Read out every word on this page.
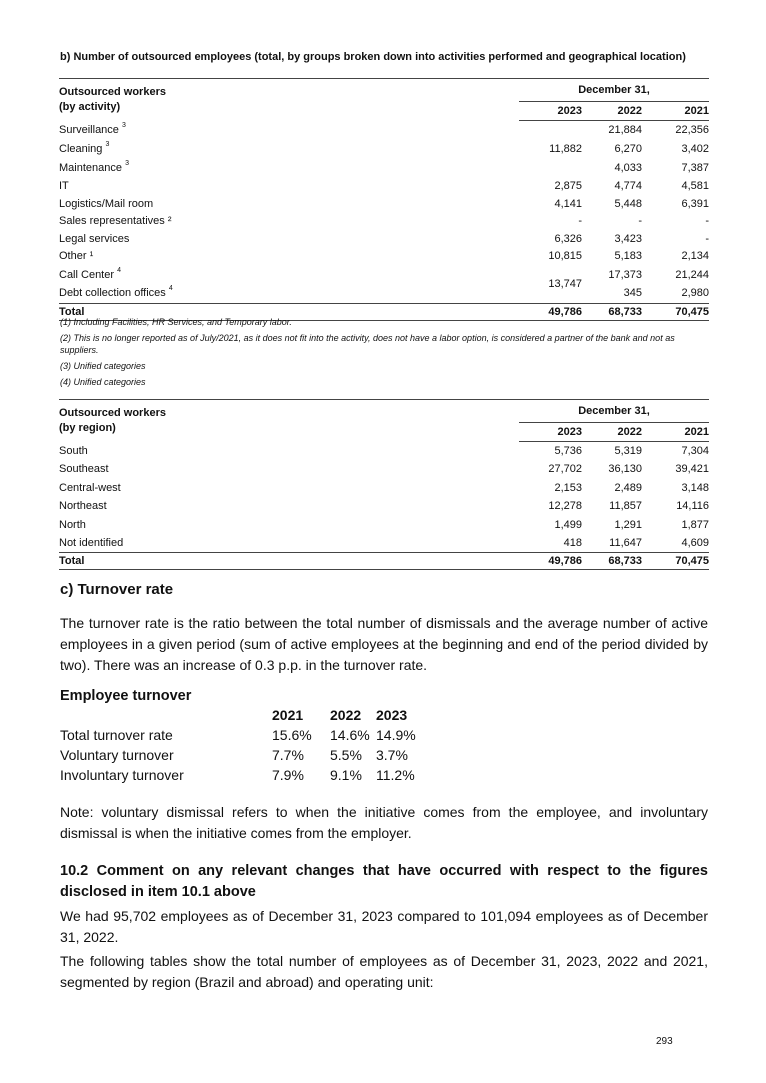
b) Number of outsourced employees (total, by groups broken down into activities performed and geographical location)
Outsourced workers
(by activity)	December 31,		
	2023	2022	2021
Surveillance $^3$		21,884	22,356
Cleaning $^3$	11,882	6,270	3,402
Maintenance $^3$		4,033	7,387
IT	2,875	4,774	4,581
Logistics/Mail room	4,141	5,448	6,391
Sales representatives ²	-	-	-
Legal services	6,326	3,423	-
Other ¹	10,815	5,183	2,134
Call Center $^4$	13,747	17,373	21,244
Debt collection offices $^4$		345	2,980
Total	49,786	68,733	70,475
(1) Including Facilities, HR Services, and Temporary labor.
(2) This is no longer reported as of July/2021, as it does not fit into the activity, does not have a labor option, is considered a partner of the bank and not as suppliers.
(3) Unified categories
(4) Unified categories
Outsourced workers
(by region)	December 31,		
	2023	2022	2021
South	5,736	5,319	7,304
Southeast	27,702	36,130	39,421
Central-west	2,153	2,489	3,148
Northeast	12,278	11,857	14,116
North	1,499	1,291	1,877
Not identified	418	11,647	4,609
Total	49,786	68,733	70,475
c) Turnover rate
The turnover rate is the ratio between the total number of dismissals and the average number of active employees in a given period (sum of active employees at the beginning and end of the period divided by two). There was an increase of 0.3 p.p. in the turnover rate.
Employee turnover
	2021	2022	2023
Total turnover rate	15.6%	14.6%	14.9%
Voluntary turnover	7.7%	5.5%	3.7%
Involuntary turnover	7.9%	9.1%	11.2%
Note: voluntary dismissal refers to when the initiative comes from the employee, and involuntary dismissal is when the initiative comes from the employer.
10.2 Comment on any relevant changes that have occurred with respect to the figures disclosed in item 10.1 above
We had 95,702 employees as of December 31, 2023 compared to 101,094 employees as of December 31, 2022.
The following tables show the total number of employees as of December 31, 2023, 2022 and 2021, segmented by region (Brazil and abroad) and operating unit:
293
